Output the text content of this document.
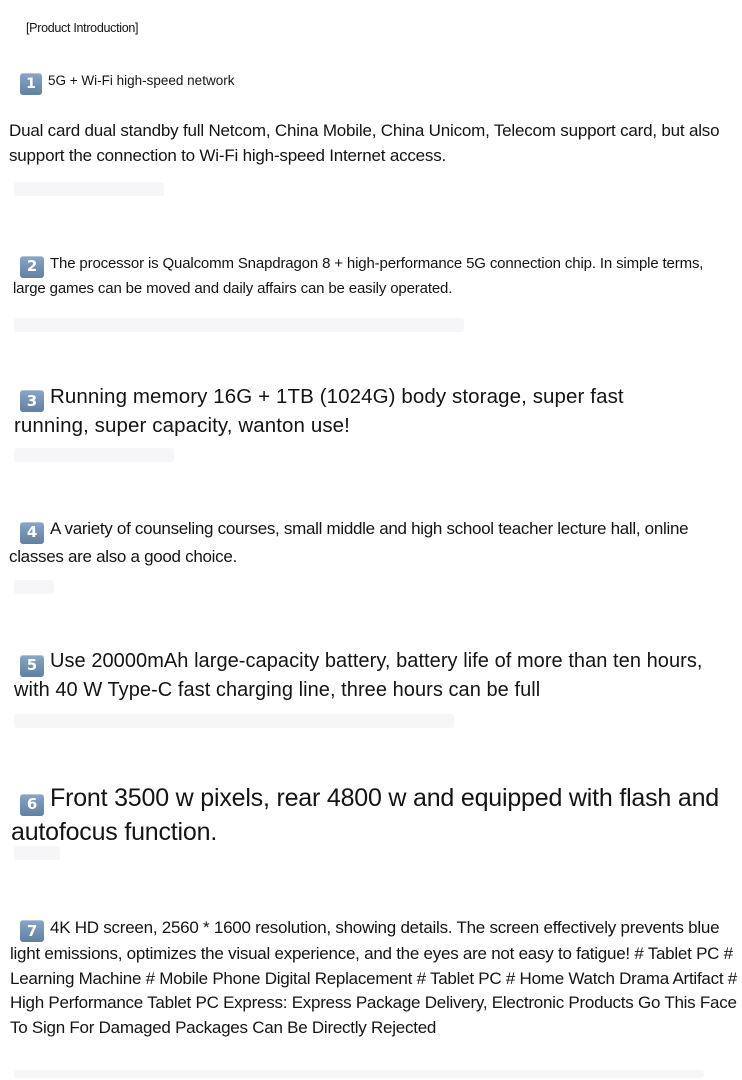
[Product Introduction]
1 5G + Wi-Fi high-speed network

Dual card dual standby full Netcom, China Mobile, China Unicom, Telecom support card, but also support the connection to Wi-Fi high-speed Internet access.

2 The processor is Qualcomm Snapdragon 8 + high-performance 5G connection chip. In simple terms, large games can be moved and daily affairs can be easily operated.

3 Running memory 16G + 1TB (1024G) body storage, super fast running, super capacity, wanton use!

4 A variety of counseling courses, small middle and high school teacher lecture hall, online classes are also a good choice.

5 Use 20000mAh large-capacity battery, battery life of more than ten hours, with 40 W Type-C fast charging line, three hours can be full

6 Front 3500 w pixels, rear 4800 w and equipped with flash and autofocus function.

7 4K HD screen, 2560 * 1600 resolution, showing details. The screen effectively prevents blue light emissions, optimizes the visual experience, and the eyes are not easy to fatigue! # Tablet PC # Learning Machine # Mobile Phone Digital Replacement # Tablet PC # Home Watch Drama Artifact # High Performance Tablet PC Express: Express Package Delivery, Electronic Products Go This Face To Sign For Damaged Packages Can Be Directly Rejected
